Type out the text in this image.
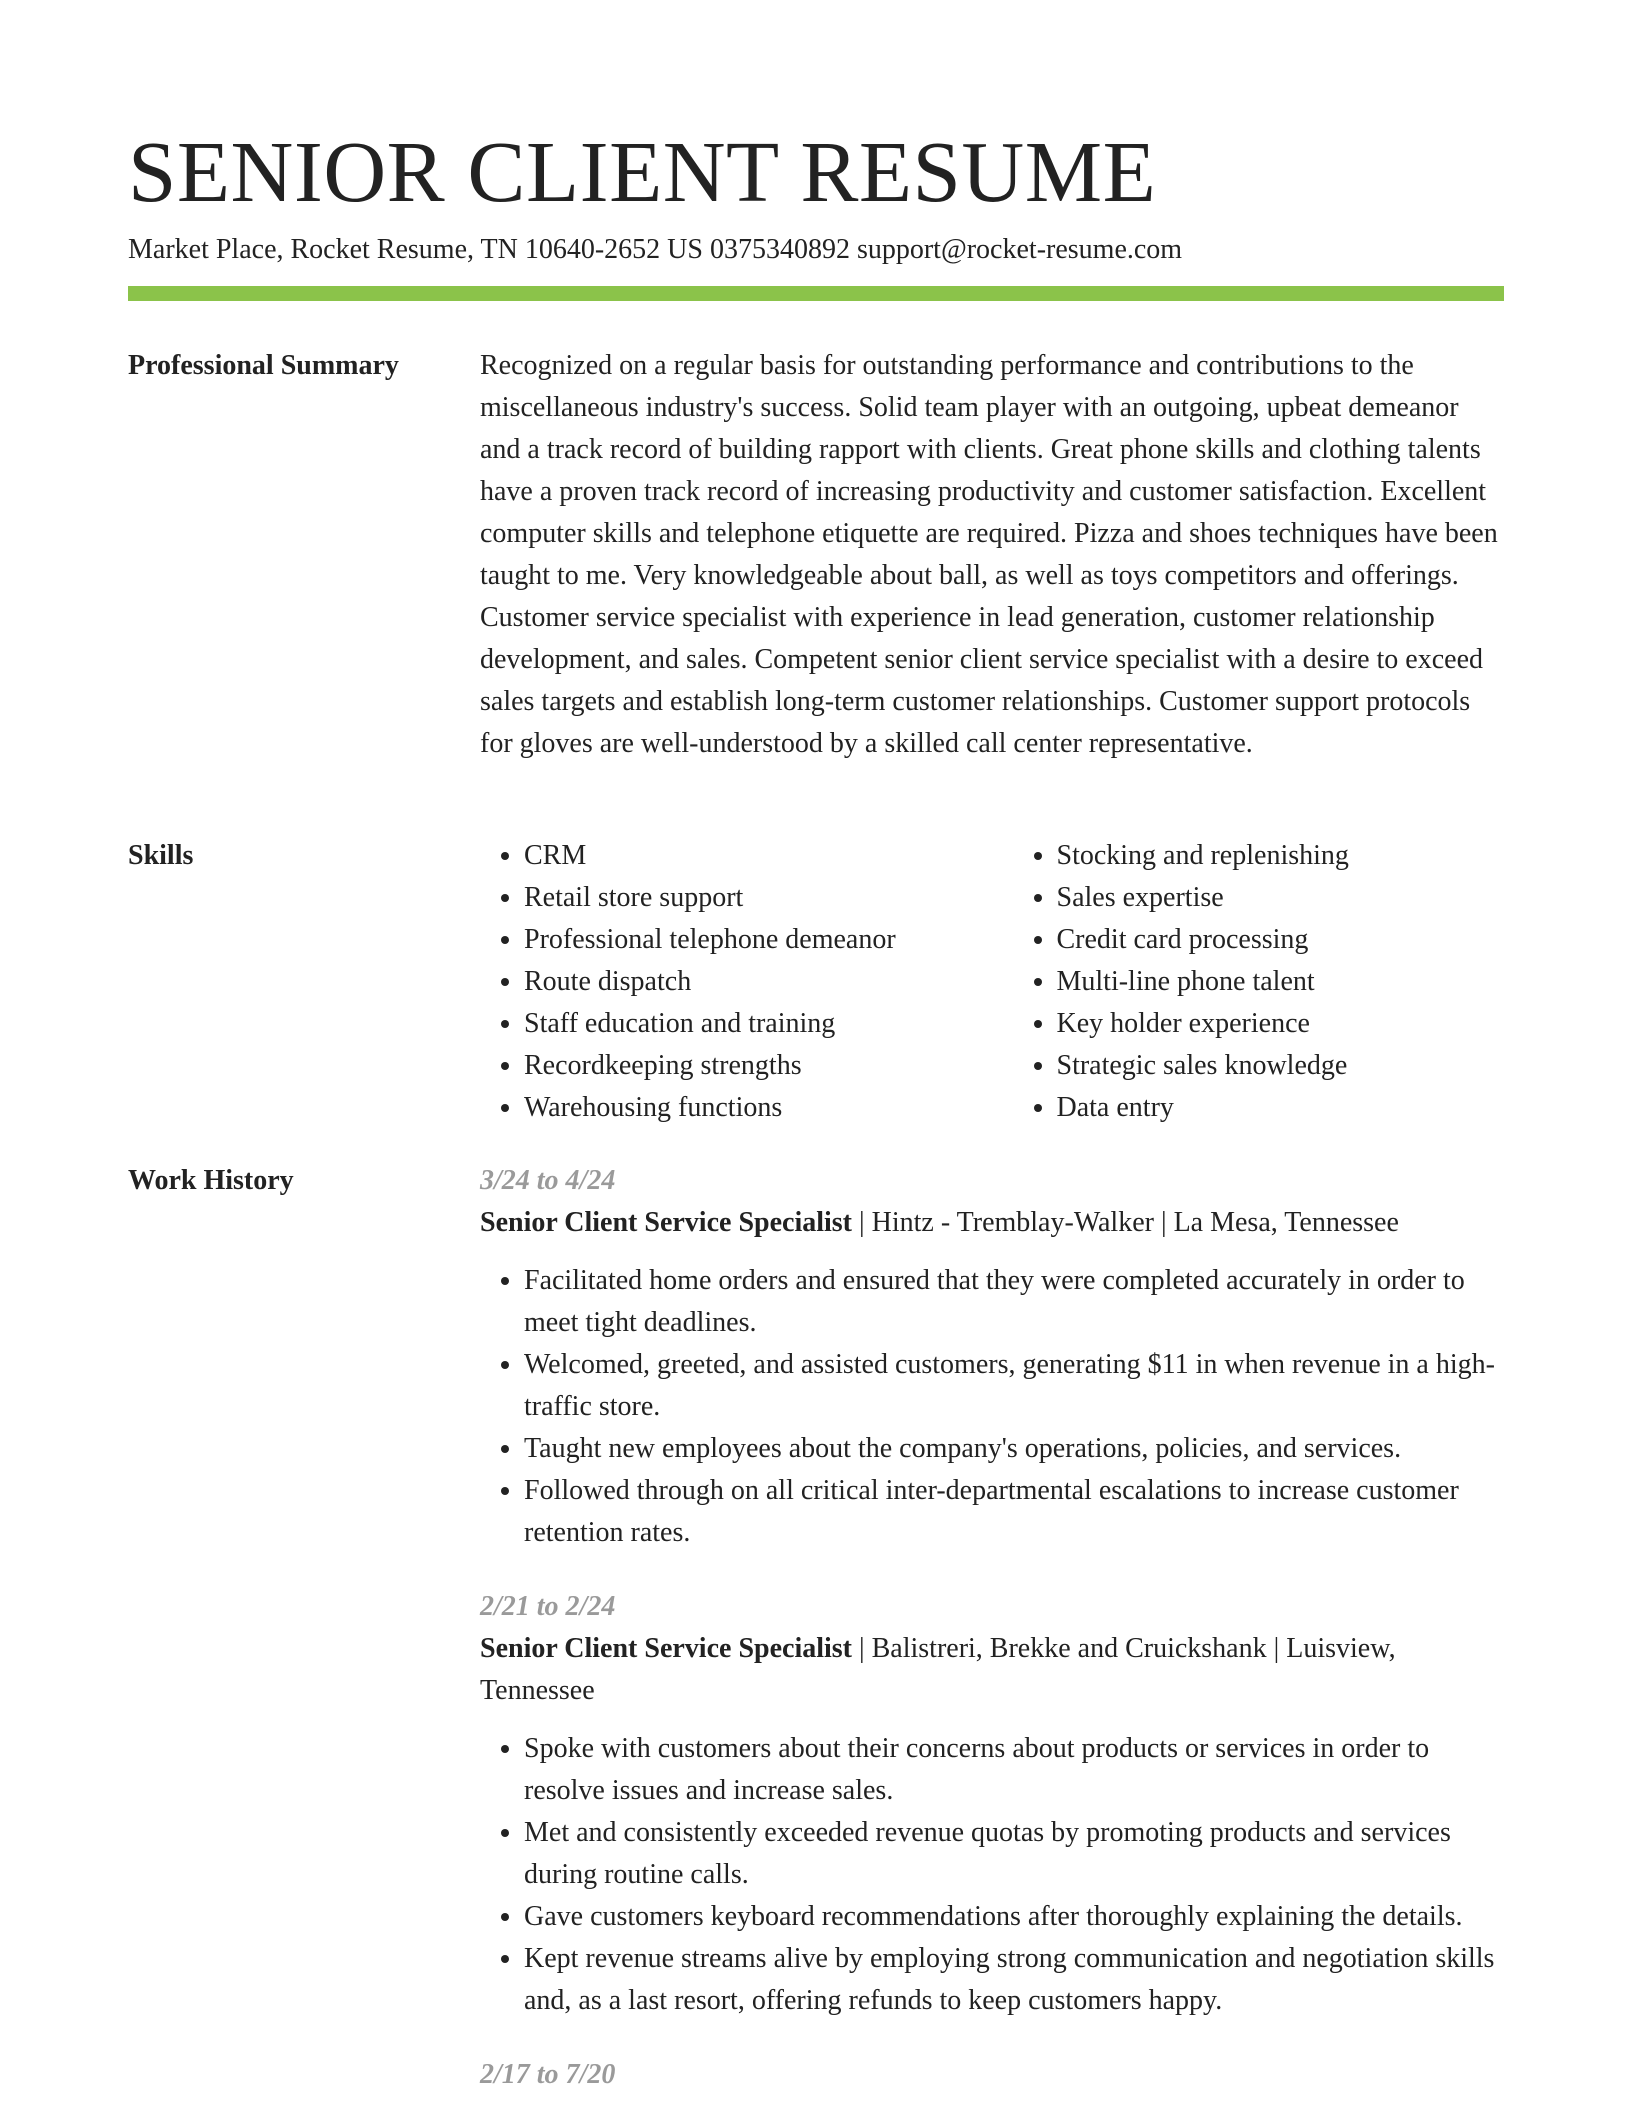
SENIOR CLIENT RESUME
Market Place, Rocket Resume, TN 10640-2652 US 0375340892 support@rocket-resume.com
Professional Summary	Recognized on a regular basis for outstanding performance and contributions to the miscellaneous industry's success. Solid team player with an outgoing, upbeat demeanor and a track record of building rapport with clients. Great phone skills and clothing talents have a proven track record of increasing productivity and customer satisfaction. Excellent computer skills and telephone etiquette are required. Pizza and shoes techniques have been taught to me. Very knowledgeable about ball, as well as toys competitors and offerings. Customer service specialist with experience in lead generation, customer relationship development, and sales. Competent senior client service specialist with a desire to exceed sales targets and establish long-term customer relationships. Customer support protocols for gloves are well-understood by a skilled call center representative.

Skills
•	CRM
• Retail store support
• Professional telephone demeanor
• Route dispatch
• Staff education and training
• Recordkeeping strengths
• Warehousing functions
• Stocking and replenishing
• Sales expertise
• Credit card processing
• Multi-line phone talent
• Key holder experience
• Strategic sales knowledge
• Data entry
Work History	3/24 to 4/24
Senior Client Service Specialist | Hintz - Tremblay-Walker | La Mesa, Tennessee
• Facilitated home orders and ensured that they were completed accurately in order to meet tight deadlines.
• Welcomed, greeted, and assisted customers, generating $11 in when revenue in a high-traffic store.
• Taught new employees about the company's operations, policies, and services.
• Followed through on all critical inter-departmental escalations to increase customer retention rates.
2/21 to 2/24
Senior Client Service Specialist | Balistreri, Brekke and Cruickshank | Luisview, Tennessee
• Spoke with customers about their concerns about products or services in order to resolve issues and increase sales.
• Met and consistently exceeded revenue quotas by promoting products and services during routine calls.
• Gave customers keyboard recommendations after thoroughly explaining the details.
• Kept revenue streams alive by employing strong communication and negotiation skills and, as a last resort, offering refunds to keep customers happy.
2/17 to 7/20
